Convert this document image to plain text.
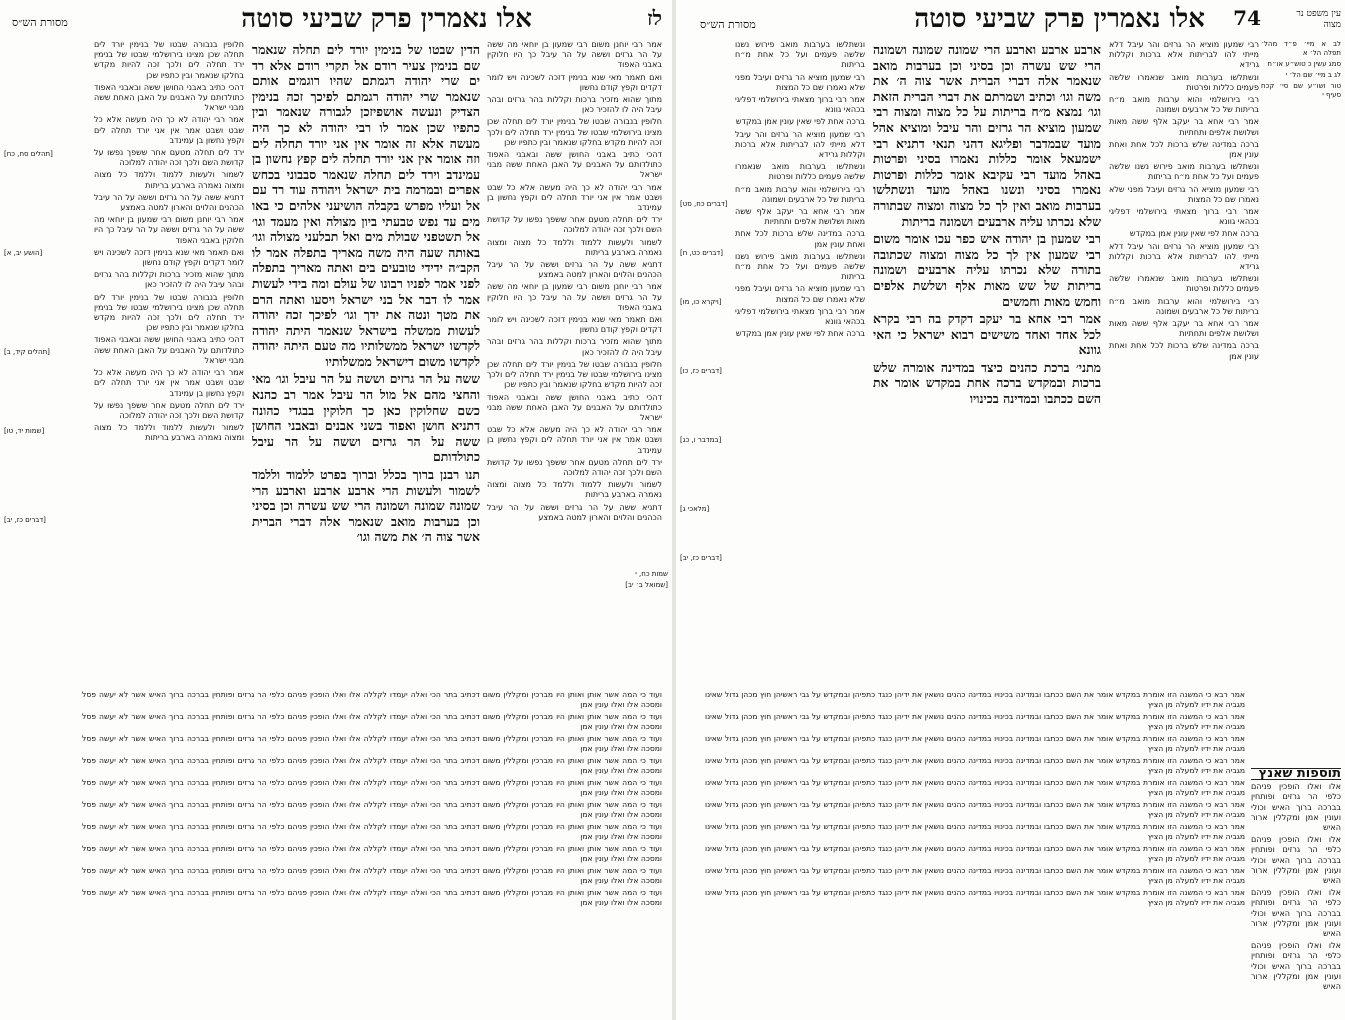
לז
אלו נאמרין פרק שביעי סוטה
מסורת הש״ס

אמר רבי יוחנן משום רבי שמעון בן יוחאי מה ששה על הר גרזים וששה על הר עיבל כך היו חלוקין באבני האפוד

ואם תאמר מאי שנא בנימין דזכה לשכינה ויש לומר דקדים וקפץ קודם נחשון

מתוך שהוא מזכיר ברכות וקללות בהר גרזים ובהר עיבל היה לו להזכיר כאן

חלופין בנבורה שבטו של בנימין יורד לים תחלה שכן מצינו בירושלמי שבטו של בנימין ירד תחלה לים ולכך זכה להיות מקדש בחלקו שנאמר ובין כתפיו שכן

דהכי כתיב באבני החושן ששה ובאבני האפוד כתולדותם על האבנים על האבן האחת ששה מבני ישראל

אמר רבי יהודה לא כך היה מעשה אלא כל שבט ושבט אמר אין אני יורד תחלה לים וקפץ נחשון בן עמינדב

ירד לים תחלה מטעם אחר ששפך נפשו על קדושת השם ולכך זכה יהודה למלוכה

לשמור ולעשות ללמוד וללמד כל מצוה ומצוה נאמרה בארבע בריתות

דתניא ששה על הר גרזים וששה על הר עיבל הכהנים והלוים והארון למטה באמצע

אמר רבי יוחנן משום רבי שמעון בן יוחאי מה ששה על הר גרזים וששה על הר עיבל כך היו חלוקין באבני האפוד

ואם תאמר מאי שנא בנימין דזכה לשכינה ויש לומר דקדים וקפץ קודם נחשון

מתוך שהוא מזכיר ברכות וקללות בהר גרזים ובהר עיבל היה לו להזכיר כאן

חלופין בנבורה שבטו של בנימין יורד לים תחלה שכן מצינו בירושלמי שבטו של בנימין ירד תחלה לים ולכך זכה להיות מקדש בחלקו שנאמר ובין כתפיו שכן

דהכי כתיב באבני החושן ששה ובאבני האפוד כתולדותם על האבנים על האבן האחת ששה מבני ישראל

אמר רבי יהודה לא כך היה מעשה אלא כל שבט ושבט אמר אין אני יורד תחלה לים וקפץ נחשון בן עמינדב

ירד לים תחלה מטעם אחר ששפך נפשו על קדושת השם ולכך זכה יהודה למלוכה

לשמור ולעשות ללמוד וללמד כל מצוה ומצוה נאמרה בארבע בריתות

דתניא ששה על הר גרזים וששה על הר עיבל הכהנים והלוים והארון למטה באמצע

הדין שבטו של בנימין יורד לים תחלה שנאמר שם בנימין צעיר רודם אל תקרי רודם אלא רד ים שרי יהודה רגמתם שהיו רוגמים אותם שנאמר שרי יהודה רגמתם לפיכך זכה בנימין הצדיק ונעשה אושפיזכן לגבורה שנאמר ובין כתפיו שכן אמר לו רבי יהודה לא כך היה מעשה אלא זה אומר אין אני יורד תחלה לים וזה אומר אין אני יורד תחלה לים קפץ נחשון בן עמינדב וירד לים תחלה שנאמר סבבוני בכחש אפרים ובמרמה בית ישראל ויהודה עוד רד עם אל ועליו מפרש בקבלה הושיעני אלהים כי באו מים עד נפש טבעתי ביון מצולה ואין מעמד וגו׳ אל תשטפני שבולת מים ואל תבלעני מצולה וגו׳ באותה שעה היה משה מאריך בתפלה אמר לו הקב״ה ידידי טובעים בים ואתה מאריך בתפלה לפני אמר לפניו רבונו של עולם ומה בידי לעשות אמר לו דבר אל בני ישראל ויסעו ואתה הרם את מטך ונטה את ידך וגו׳ לפיכך זכה יהודה לעשות ממשלה בישראל שנאמר היתה יהודה לקדשו ישראל ממשלותיו מה טעם היתה יהודה לקדשו משום דישראל ממשלותיו

ששה על הר גרזים וששה על הר עיבל וגו׳ מאי והחצי מהם אל מול הר עיבל אמר רב כהנא כשם שחלוקין כאן כך חלוקין בבגדי כהונה דתניא חושן ואפוד בשני אבנים ובאבני החושן ששה על הר גרזים וששה על הר עיבל כתולדותם

תנו רבנן ברוך בכלל וברוך בפרט ללמוד וללמד לשמור ולעשות הרי ארבע ארבע וארבע הרי שמונה שמונה ושמונה הרי שש עשרה וכן בסיני וכן בערבות מואב שנאמר אלה דברי הברית אשר צוה ה׳ את משה וגו׳

חלופין בנבורה שבטו של בנימין יורד לים תחלה שכן מצינו בירושלמי שבטו של בנימין ירד תחלה לים ולכך זכה להיות מקדש בחלקו שנאמר ובין כתפיו שכן

דהכי כתיב באבני החושן ששה ובאבני האפוד כתולדותם על האבנים על האבן האחת ששה מבני ישראל

אמר רבי יהודה לא כך היה מעשה אלא כל שבט ושבט אמר אין אני יורד תחלה לים וקפץ נחשון בן עמינדב

ירד לים תחלה מטעם אחר ששפך נפשו על קדושת השם ולכך זכה יהודה למלוכה

לשמור ולעשות ללמוד וללמד כל מצוה ומצוה נאמרה בארבע בריתות

דתניא ששה על הר גרזים וששה על הר עיבל הכהנים והלוים והארון למטה באמצע

אמר רבי יוחנן משום רבי שמעון בן יוחאי מה ששה על הר גרזים וששה על הר עיבל כך היו חלוקין באבני האפוד

ואם תאמר מאי שנא בנימין דזכה לשכינה ויש לומר דקדים וקפץ קודם נחשון

מתוך שהוא מזכיר ברכות וקללות בהר גרזים ובהר עיבל היה לו להזכיר כאן

חלופין בנבורה שבטו של בנימין יורד לים תחלה שכן מצינו בירושלמי שבטו של בנימין ירד תחלה לים ולכך זכה להיות מקדש בחלקו שנאמר ובין כתפיו שכן

דהכי כתיב באבני החושן ששה ובאבני האפוד כתולדותם על האבנים על האבן האחת ששה מבני ישראל

אמר רבי יהודה לא כך היה מעשה אלא כל שבט ושבט אמר אין אני יורד תחלה לים וקפץ נחשון בן עמינדב

ירד לים תחלה מטעם אחר ששפך נפשו על קדושת השם ולכך זכה יהודה למלוכה

לשמור ולעשות ללמוד וללמד כל מצוה ומצוה נאמרה בארבע בריתות

[תהלים סח, כח]

[הושע יב, א]

[תהלים קיד, ב]

[שמות יד, טו]

[דברים כז, יב]

שמות כח, י

[שמואל ב׳ יב]

ועוד כי המה אשר אותן ואותן היו מברכין ומקללין משום דכתיב בתר הכי ואלה יעמדו לקללה אלו ואלו הופכין פניהם כלפי הר גרזים ופותחין בברכה ברוך האיש אשר לא יעשה פסל ומסכה אלו ואלו עונין אמן

ועוד כי המה אשר אותן ואותן היו מברכין ומקללין משום דכתיב בתר הכי ואלה יעמדו לקללה אלו ואלו הופכין פניהם כלפי הר גרזים ופותחין בברכה ברוך האיש אשר לא יעשה פסל ומסכה אלו ואלו עונין אמן

ועוד כי המה אשר אותן ואותן היו מברכין ומקללין משום דכתיב בתר הכי ואלה יעמדו לקללה אלו ואלו הופכין פניהם כלפי הר גרזים ופותחין בברכה ברוך האיש אשר לא יעשה פסל ומסכה אלו ואלו עונין אמן

ועוד כי המה אשר אותן ואותן היו מברכין ומקללין משום דכתיב בתר הכי ואלה יעמדו לקללה אלו ואלו הופכין פניהם כלפי הר גרזים ופותחין בברכה ברוך האיש אשר לא יעשה פסל ומסכה אלו ואלו עונין אמן

ועוד כי המה אשר אותן ואותן היו מברכין ומקללין משום דכתיב בתר הכי ואלה יעמדו לקללה אלו ואלו הופכין פניהם כלפי הר גרזים ופותחין בברכה ברוך האיש אשר לא יעשה פסל ומסכה אלו ואלו עונין אמן

ועוד כי המה אשר אותן ואותן היו מברכין ומקללין משום דכתיב בתר הכי ואלה יעמדו לקללה אלו ואלו הופכין פניהם כלפי הר גרזים ופותחין בברכה ברוך האיש אשר לא יעשה פסל ומסכה אלו ואלו עונין אמן

ועוד כי המה אשר אותן ואותן היו מברכין ומקללין משום דכתיב בתר הכי ואלה יעמדו לקללה אלו ואלו הופכין פניהם כלפי הר גרזים ופותחין בברכה ברוך האיש אשר לא יעשה פסל ומסכה אלו ואלו עונין אמן

ועוד כי המה אשר אותן ואותן היו מברכין ומקללין משום דכתיב בתר הכי ואלה יעמדו לקללה אלו ואלו הופכין פניהם כלפי הר גרזים ופותחין בברכה ברוך האיש אשר לא יעשה פסל ומסכה אלו ואלו עונין אמן

ועוד כי המה אשר אותן ואותן היו מברכין ומקללין משום דכתיב בתר הכי ואלה יעמדו לקללה אלו ואלו הופכין פניהם כלפי הר גרזים ופותחין בברכה ברוך האיש אשר לא יעשה פסל ומסכה אלו ואלו עונין אמן

ועוד כי המה אשר אותן ואותן היו מברכין ומקללין משום דכתיב בתר הכי ואלה יעמדו לקללה אלו ואלו הופכין פניהם כלפי הר גרזים ופותחין בברכה ברוך האיש אשר לא יעשה פסל ומסכה אלו ואלו עונין אמן

עין משפט נר מצוה
74
אלו נאמרין פרק שביעי סוטה
מסורת הש״ס

לב א מיי׳ פ״ד מהל׳ תפלה הל׳ א

סמג עשין כ טוש״ע או״ח

לג ב מיי׳ שם הל׳ י

טור ושו״ע שם סי׳ קכח סעיף י

רבי שמעון מוציא הר גרזים והר עיבל דלא מייתי להו לבריתות אלא ברכות וקללות גרידא

ונשתלשו בערבות מואב שנאמרו שלשה פעמים כללות ופרטות

רבי בירושלמי והוא ערבות מואב מ״ח בריתות של כל ארבעים ושמונה

אמר רבי אחא בר יעקב אלף ששה מאות ושלושת אלפים ותחתיות

ברכה במדינה שלש ברכות לכל אחת ואחת עונין אמן

ונשתלשו בערבות מואב פירוש נשנו שלשה פעמים ועל כל אחת מ״ח בריתות

רבי שמעון מוציא הר גרזים ועיבל מפני שלא נאמרו שם כל המצות

אמר רבי ברוך מצאתי בירושלמי דפליגי בכהאי גוונא

ברכה אחת לפי שאין עונין אמן במקדש

רבי שמעון מוציא הר גרזים והר עיבל דלא מייתי להו לבריתות אלא ברכות וקללות גרידא

ונשתלשו בערבות מואב שנאמרו שלשה פעמים כללות ופרטות

רבי בירושלמי והוא ערבות מואב מ״ח בריתות של כל ארבעים ושמונה

אמר רבי אחא בר יעקב אלף ששה מאות ושלושת אלפים ותחתיות

ברכה במדינה שלש ברכות לכל אחת ואחת עונין אמן

ארבע ארבע וארבע הרי שמונה שמונה ושמונה הרי שש עשרה וכן בסיני וכן בערבות מואב שנאמר אלה דברי הברית אשר צוה ה׳ את משה וגו׳ וכתיב ושמרתם את דברי הברית הזאת וגו׳ נמצא מ״ח בריתות על כל מצוה ומצוה רבי שמעון מוציא הר גרזים והר עיבל ומוציא אהל מועד שבמדבר ופליגא דהני תנאי דתניא רבי ישמעאל אומר כללות נאמרו בסיני ופרטות באהל מועד רבי עקיבא אומר כללות ופרטות נאמרו בסיני ונשנו באהל מועד ונשתלשו בערבות מואב ואין לך כל מצוה ומצוה שבתורה שלא נכרתו עליה ארבעים ושמונה בריתות

רבי שמעון בן יהודה איש כפר עכו אומר משום רבי שמעון אין לך כל מצוה ומצוה שכתובה בתורה שלא נכרתו עליה ארבעים ושמונה בריתות של שש מאות אלף ושלשת אלפים וחמש מאות וחמשים

אמר רבי אחא בר יעקב דקדק בה רבי בקרא לכל אחד ואחד משישים רבוא ישראל כי האי גוונא

מתני׳ ברכת כהנים כיצד במדינה אומרה שלש ברכות ובמקדש ברכה אחת במקדש אומר את השם ככתבו ובמדינה בכינויו

ונשתלשו בערבות מואב פירוש נשנו שלשה פעמים ועל כל אחת מ״ח בריתות

רבי שמעון מוציא הר גרזים ועיבל מפני שלא נאמרו שם כל המצות

אמר רבי ברוך מצאתי בירושלמי דפליגי בכהאי גוונא

ברכה אחת לפי שאין עונין אמן במקדש

רבי שמעון מוציא הר גרזים והר עיבל דלא מייתי להו לבריתות אלא ברכות וקללות גרידא

ונשתלשו בערבות מואב שנאמרו שלשה פעמים כללות ופרטות

רבי בירושלמי והוא ערבות מואב מ״ח בריתות של כל ארבעים ושמונה

אמר רבי אחא בר יעקב אלף ששה מאות ושלושת אלפים ותחתיות

ברכה במדינה שלש ברכות לכל אחת ואחת עונין אמן

ונשתלשו בערבות מואב פירוש נשנו שלשה פעמים ועל כל אחת מ״ח בריתות

רבי שמעון מוציא הר גרזים ועיבל מפני שלא נאמרו שם כל המצות

אמר רבי ברוך מצאתי בירושלמי דפליגי בכהאי גוונא

ברכה אחת לפי שאין עונין אמן במקדש

[דברים כח, סט]

[דברים כט, ח]

[ויקרא כו, מו]

[דברים כז, כו]

[במדבר ו, כג]

[מלאכי ג]

[דברים כז, יב]

תוספות שאנץ

אלו ואלו הופכין פניהם כלפי הר גרזים ופותחין בברכה ברוך האיש וכולי ועונין אמן ומקללין ארור האיש

אלו ואלו הופכין פניהם כלפי הר גרזים ופותחין בברכה ברוך האיש וכולי ועונין אמן ומקללין ארור האיש

אלו ואלו הופכין פניהם כלפי הר גרזים ופותחין בברכה ברוך האיש וכולי ועונין אמן ומקללין ארור האיש

אלו ואלו הופכין פניהם כלפי הר גרזים ופותחין בברכה ברוך האיש וכולי ועונין אמן ומקללין ארור האיש

אמר רבא כי המשנה הזו אומרת במקדש אומר את השם ככתבו ובמדינה בכינויו במדינה כהנים נושאין את ידיהן כנגד כתפיהן ובמקדש על גבי ראשיהן חוץ מכהן גדול שאינו מגביה את ידיו למעלה מן הציץ

אמר רבא כי המשנה הזו אומרת במקדש אומר את השם ככתבו ובמדינה בכינויו במדינה כהנים נושאין את ידיהן כנגד כתפיהן ובמקדש על גבי ראשיהן חוץ מכהן גדול שאינו מגביה את ידיו למעלה מן הציץ

אמר רבא כי המשנה הזו אומרת במקדש אומר את השם ככתבו ובמדינה בכינויו במדינה כהנים נושאין את ידיהן כנגד כתפיהן ובמקדש על גבי ראשיהן חוץ מכהן גדול שאינו מגביה את ידיו למעלה מן הציץ

אמר רבא כי המשנה הזו אומרת במקדש אומר את השם ככתבו ובמדינה בכינויו במדינה כהנים נושאין את ידיהן כנגד כתפיהן ובמקדש על גבי ראשיהן חוץ מכהן גדול שאינו מגביה את ידיו למעלה מן הציץ

אמר רבא כי המשנה הזו אומרת במקדש אומר את השם ככתבו ובמדינה בכינויו במדינה כהנים נושאין את ידיהן כנגד כתפיהן ובמקדש על גבי ראשיהן חוץ מכהן גדול שאינו מגביה את ידיו למעלה מן הציץ

אמר רבא כי המשנה הזו אומרת במקדש אומר את השם ככתבו ובמדינה בכינויו במדינה כהנים נושאין את ידיהן כנגד כתפיהן ובמקדש על גבי ראשיהן חוץ מכהן גדול שאינו מגביה את ידיו למעלה מן הציץ

אמר רבא כי המשנה הזו אומרת במקדש אומר את השם ככתבו ובמדינה בכינויו במדינה כהנים נושאין את ידיהן כנגד כתפיהן ובמקדש על גבי ראשיהן חוץ מכהן גדול שאינו מגביה את ידיו למעלה מן הציץ

אמר רבא כי המשנה הזו אומרת במקדש אומר את השם ככתבו ובמדינה בכינויו במדינה כהנים נושאין את ידיהן כנגד כתפיהן ובמקדש על גבי ראשיהן חוץ מכהן גדול שאינו מגביה את ידיו למעלה מן הציץ

אמר רבא כי המשנה הזו אומרת במקדש אומר את השם ככתבו ובמדינה בכינויו במדינה כהנים נושאין את ידיהן כנגד כתפיהן ובמקדש על גבי ראשיהן חוץ מכהן גדול שאינו מגביה את ידיו למעלה מן הציץ

אמר רבא כי המשנה הזו אומרת במקדש אומר את השם ככתבו ובמדינה בכינויו במדינה כהנים נושאין את ידיהן כנגד כתפיהן ובמקדש על גבי ראשיהן חוץ מכהן גדול שאינו מגביה את ידיו למעלה מן הציץ
